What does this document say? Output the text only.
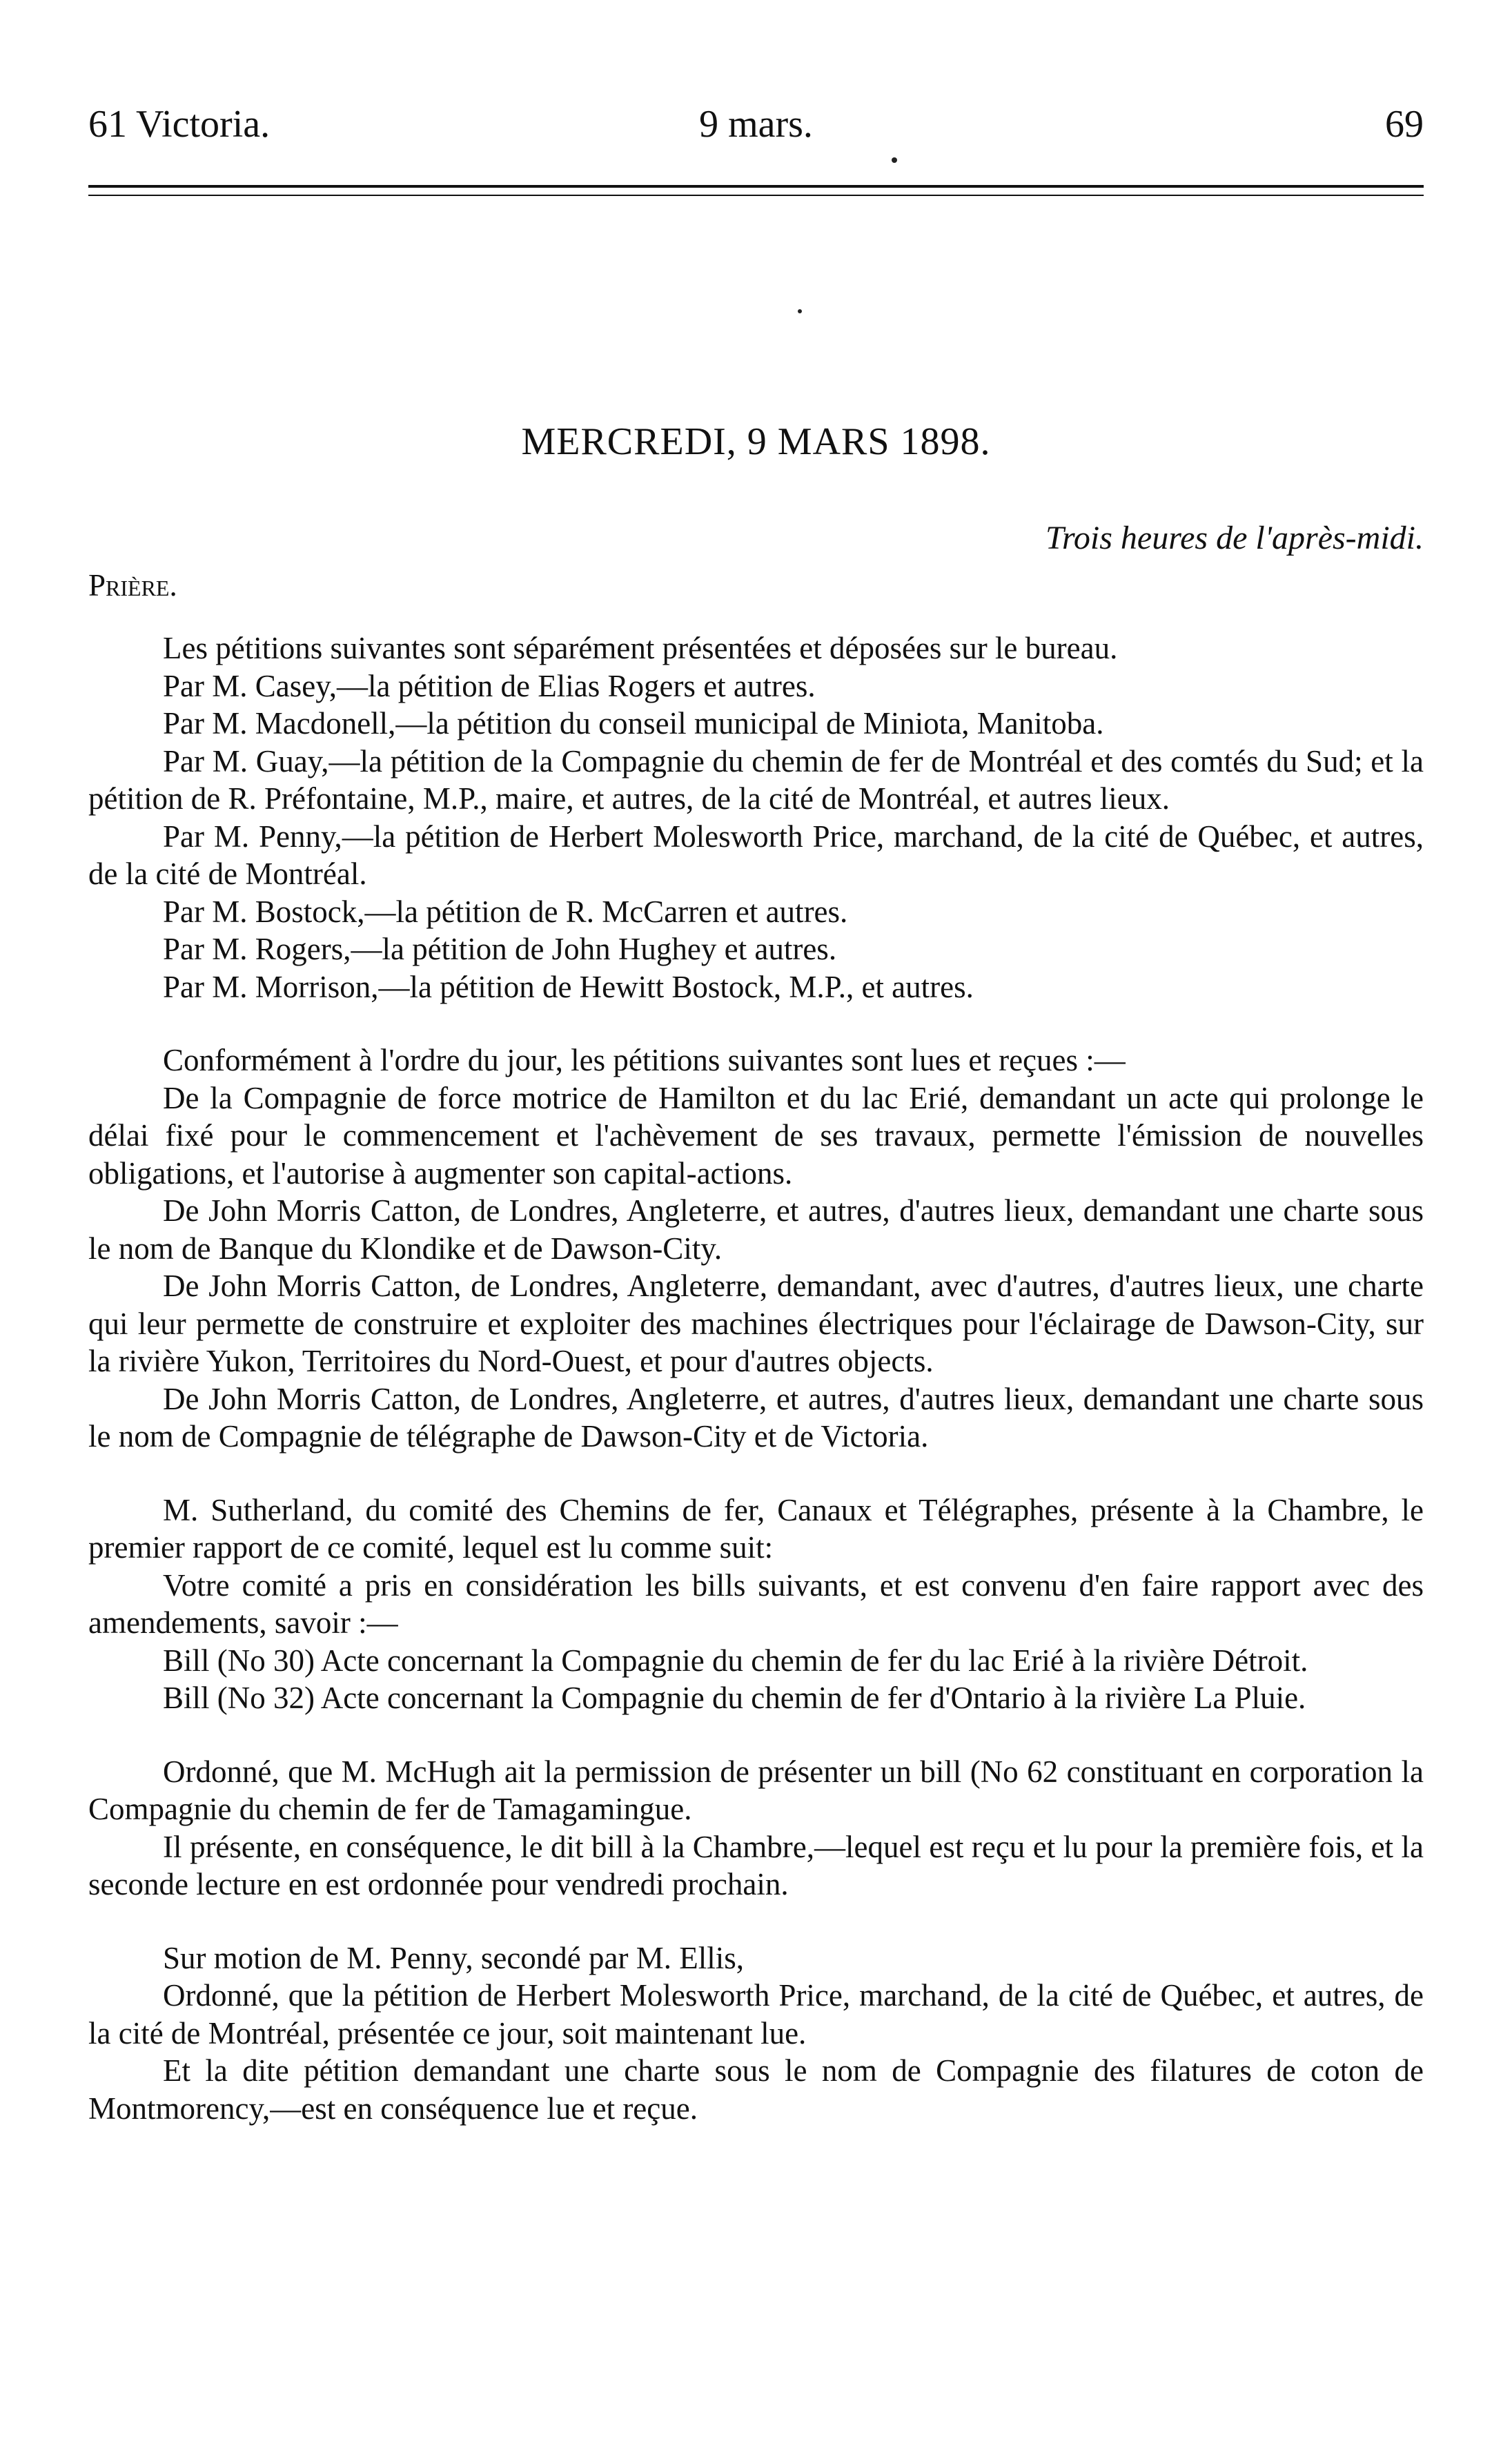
61 Victoria.	9 mars.	69
MERCREDI, 9 MARS 1898.
Trois heures de l'après-midi.
Prière.

Les pétitions suivantes sont séparément présentées et déposées sur le bureau.

Par M. Casey,—la pétition de Elias Rogers et autres.

Par M. Macdonell,—la pétition du conseil municipal de Miniota, Manitoba.

Par M. Guay,—la pétition de la Compagnie du chemin de fer de Montréal et des comtés du Sud; et la pétition de R. Préfontaine, M.P., maire, et autres, de la cité de Montréal, et autres lieux.

Par M. Penny,—la pétition de Herbert Molesworth Price, marchand, de la cité de Québec, et autres, de la cité de Montréal.

Par M. Bostock,—la pétition de R. McCarren et autres.

Par M. Rogers,—la pétition de John Hughey et autres.

Par M. Morrison,—la pétition de Hewitt Bostock, M.P., et autres.

Conformément à l'ordre du jour, les pétitions suivantes sont lues et reçues :—

De la Compagnie de force motrice de Hamilton et du lac Erié, demandant un acte qui prolonge le délai fixé pour le commencement et l'achèvement de ses travaux, permette l'émission de nouvelles obligations, et l'autorise à augmenter son capital-actions.

De John Morris Catton, de Londres, Angleterre, et autres, d'autres lieux, demandant une charte sous le nom de Banque du Klondike et de Dawson-City.

De John Morris Catton, de Londres, Angleterre, demandant, avec d'autres, d'autres lieux, une charte qui leur permette de construire et exploiter des machines électriques pour l'éclairage de Dawson-City, sur la rivière Yukon, Territoires du Nord-Ouest, et pour d'autres objects.

De John Morris Catton, de Londres, Angleterre, et autres, d'autres lieux, demandant une charte sous le nom de Compagnie de télégraphe de Dawson-City et de Victoria.

M. Sutherland, du comité des Chemins de fer, Canaux et Télégraphes, présente à la Chambre, le premier rapport de ce comité, lequel est lu comme suit:

Votre comité a pris en considération les bills suivants, et est convenu d'en faire rapport avec des amendements, savoir :—

Bill (No 30) Acte concernant la Compagnie du chemin de fer du lac Erié à la rivière Détroit.

Bill (No 32) Acte concernant la Compagnie du chemin de fer d'Ontario à la rivière La Pluie.

Ordonné, que M. McHugh ait la permission de présenter un bill (No 62 constituant en corporation la Compagnie du chemin de fer de Tamagamingue.

Il présente, en conséquence, le dit bill à la Chambre,—lequel est reçu et lu pour la première fois, et la seconde lecture en est ordonnée pour vendredi prochain.

Sur motion de M. Penny, secondé par M. Ellis,

Ordonné, que la pétition de Herbert Molesworth Price, marchand, de la cité de Québec, et autres, de la cité de Montréal, présentée ce jour, soit maintenant lue.

Et la dite pétition demandant une charte sous le nom de Compagnie des filatures de coton de Montmorency,—est en conséquence lue et reçue.
